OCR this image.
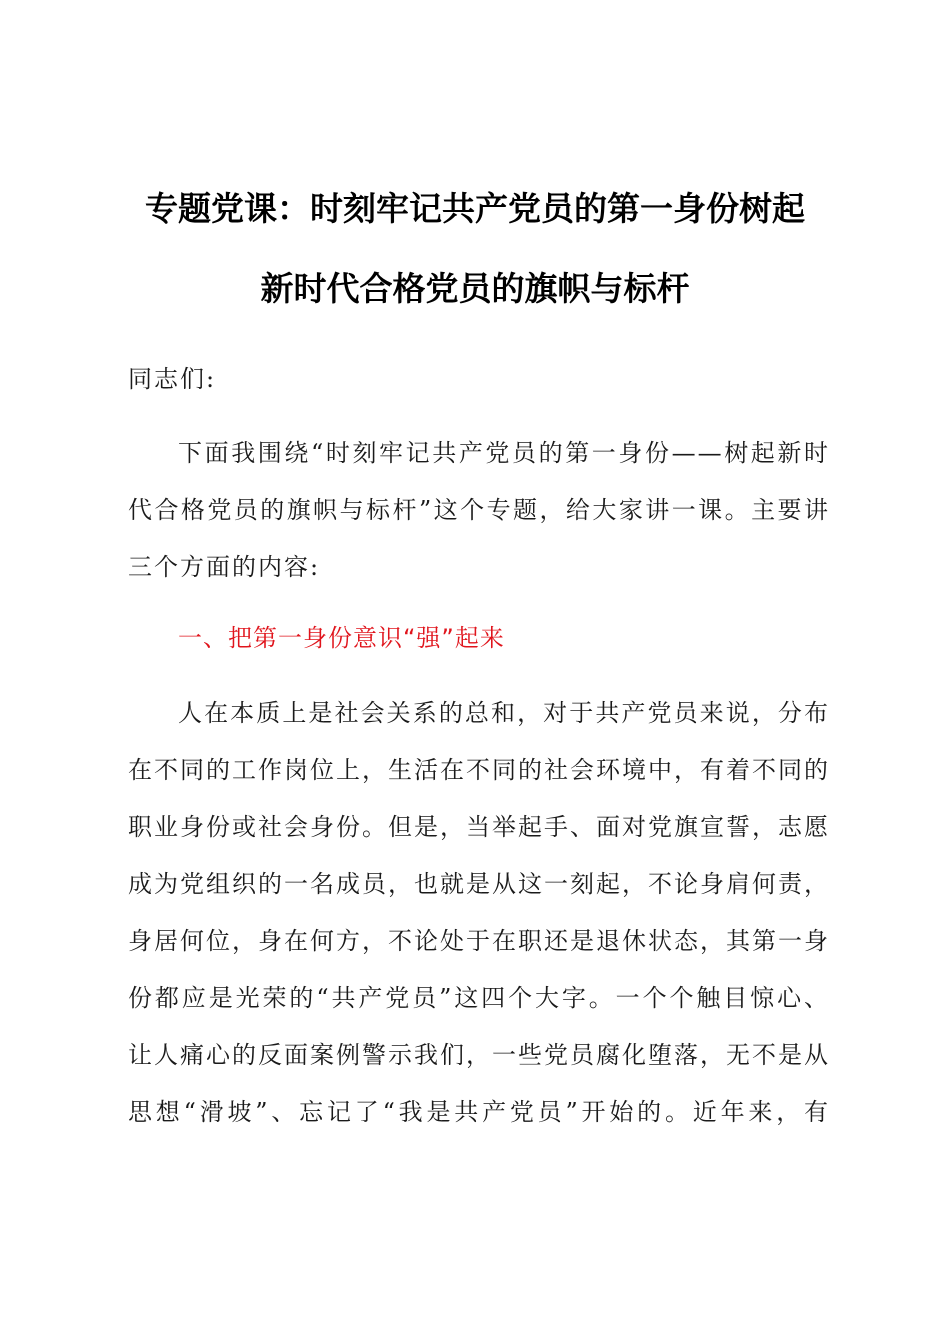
专题党课：时刻牢记共产党员的第一身份树起
新时代合格党员的旗帜与标杆
同志们:
下面我围绕“时刻牢记共产党员的第一身份——树起新时
代合格党员的旗帜与标杆”这个专题，给大家讲一课。主要讲
三个方面的内容:
一、把第一身份意识“强”起来
人在本质上是社会关系的总和，对于共产党员来说，分布
在不同的工作岗位上，生活在不同的社会环境中，有着不同的
职业身份或社会身份。但是，当举起手、面对党旗宣誓，志愿
成为党组织的一名成员，也就是从这一刻起，不论身肩何责，
身居何位，身在何方，不论处于在职还是退休状态，其第一身
份都应是光荣的“共产党员”这四个大字。一个个触目惊心、
让人痛心的反面案例警示我们，一些党员腐化堕落，无不是从
思想“滑坡”、忘记了“我是共产党员”开始的。近年来，有
